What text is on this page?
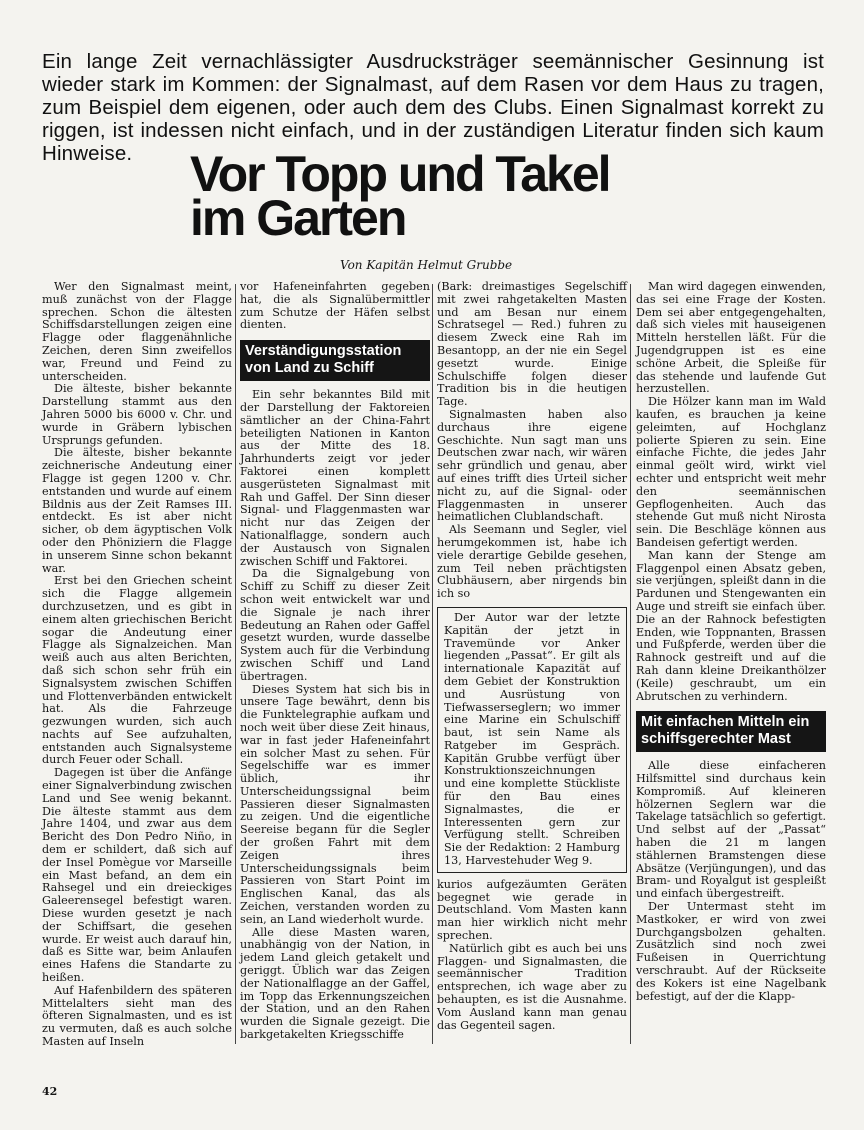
Ein lange Zeit vernachlässigter Ausdrucksträger seemännischer Gesinnung ist wieder stark im Kommen: der Signalmast, auf dem Rasen vor dem Haus zu tragen, zum Beispiel dem eigenen, oder auch dem des Clubs. Einen Signalmast korrekt zu riggen, ist indessen nicht einfach, und in der zuständigen Literatur finden sich kaum Hinweise.	Vor Topp und Takel
im Garten
Von Kapitän Helmut Grubbe

Wer den Signalmast meint, muß zunächst von der Flagge sprechen. Schon die ältesten Schiffsdarstellungen zeigen eine Flagge oder flaggenähnliche Zeichen, deren Sinn zweifellos war, Freund und Feind zu unterscheiden.

Die älteste, bisher bekannte Darstellung stammt aus den Jahren 5000 bis 6000 v. Chr. und wurde in Gräbern lybischen Ursprungs gefunden.

Die älteste, bisher bekannte zeichnerische Andeutung einer Flagge ist gegen 1200 v. Chr. entstanden und wurde auf einem Bildnis aus der Zeit Ramses III. entdeckt. Es ist aber nicht sicher, ob dem ägyptischen Volk oder den Phöniziern die Flagge in unserem Sinne schon bekannt war.

Erst bei den Griechen scheint sich die Flagge allgemein durchzusetzen, und es gibt in einem alten griechischen Bericht sogar die Andeutung einer Flagge als Signalzeichen. Man weiß auch aus alten Berichten, daß sich schon sehr früh ein Signalsystem zwischen Schiffen und Flottenverbänden entwickelt hat. Als die Fahrzeuge gezwungen wurden, sich auch nachts auf See aufzuhalten, entstanden auch Signalsysteme durch Feuer oder Schall.

Dagegen ist über die Anfänge einer Signalverbindung zwischen Land und See wenig bekannt. Die älteste stammt aus dem Jahre 1404, und zwar aus dem Bericht des Don Pedro Niño, in dem er schildert, daß sich auf der Insel Pomègue vor Marseille ein Mast befand, an dem ein Rahsegel und ein dreieckiges Galeerensegel befestigt waren. Diese wurden gesetzt je nach der Schiffsart, die gesehen wurde. Er weist auch darauf hin, daß es Sitte war, beim Anlaufen eines Hafens die Standarte zu heißen.

Auf Hafenbildern des späteren Mittelalters sieht man des öfteren Signalmasten, und es ist zu vermuten, daß es auch solche Masten auf Inseln

vor Hafeneinfahrten gegeben hat, die als Signalübermittler zum Schutze der Häfen selbst dienten.

Verständigungsstation von Land zu Schiff

Ein sehr bekanntes Bild mit der Darstellung der Faktoreien sämtlicher an der China-Fahrt beteiligten Nationen in Kanton aus der Mitte des 18. Jahrhunderts zeigt vor jeder Faktorei einen komplett ausgerüsteten Signalmast mit Rah und Gaffel. Der Sinn dieser Signal- und Flaggenmasten war nicht nur das Zeigen der Nationalflagge, sondern auch der Austausch von Signalen zwischen Schiff und Faktorei.

Da die Signalgebung von Schiff zu Schiff zu dieser Zeit schon weit entwickelt war und die Signale je nach ihrer Bedeutung an Rahen oder Gaffel gesetzt wurden, wurde dasselbe System auch für die Verbindung zwischen Schiff und Land übertragen.

Dieses System hat sich bis in unsere Tage bewährt, denn bis die Funktelegraphie aufkam und noch weit über diese Zeit hinaus, war in fast jeder Hafeneinfahrt ein solcher Mast zu sehen. Für Segelschiffe war es immer üblich, ihr Unterscheidungssignal beim Passieren dieser Signalmasten zu zeigen. Und die eigentliche Seereise begann für die Segler der großen Fahrt mit dem Zeigen ihres Unterscheidungssignals beim Passieren von Start Point im Englischen Kanal, das als Zeichen, verstanden worden zu sein, an Land wiederholt wurde.

Alle diese Masten waren, unabhängig von der Nation, in jedem Land gleich getakelt und geriggt. Üblich war das Zeigen der Nationalflagge an der Gaffel, im Topp das Erkennungszeichen der Station, und an den Rahen wurden die Signale gezeigt. Die barkgetakelten Kriegsschiffe

(Bark: dreimastiges Segelschiff mit zwei rahgetakelten Masten und am Besan nur einem Schratsegel — Red.) fuhren zu diesem Zweck eine Rah im Besantopp, an der nie ein Segel gesetzt wurde. Einige Schulschiffe folgen dieser Tradition bis in die heutigen Tage.

Signalmasten haben also durchaus ihre eigene Geschichte. Nun sagt man uns Deutschen zwar nach, wir wären sehr gründlich und genau, aber auf eines trifft dies Urteil sicher nicht zu, auf die Signal- oder Flaggenmasten in unserer heimatlichen Clublandschaft.

Als Seemann und Segler, viel herumgekommen ist, habe ich viele derartige Gebilde gesehen, zum Teil neben prächtigsten Clubhäusern, aber nirgends bin ich so

Der Autor war der letzte Kapitän der jetzt in Travemünde vor Anker liegenden „Passat“. Er gilt als internationale Kapazität auf dem Gebiet der Konstruktion und Ausrüstung von Tiefwasserseglern; wo immer eine Marine ein Schulschiff baut, ist sein Name als Ratgeber im Gespräch. Kapitän Grubbe verfügt über Konstruktionszeichnungen und eine komplette Stückliste für den Bau eines Signalmastes, die er Interessenten gern zur Verfügung stellt. Schreiben Sie der Redaktion: 2 Hamburg 13, Harvestehuder Weg 9.

kurios aufgezäumten Geräten begegnet wie gerade in Deutschland. Vom Masten kann man hier wirklich nicht mehr sprechen.

Natürlich gibt es auch bei uns Flaggen- und Signalmasten, die seemännischer Tradition entsprechen, ich wage aber zu behaupten, es ist die Ausnahme. Vom Ausland kann man genau das Gegenteil sagen.

Man wird dagegen einwenden, das sei eine Frage der Kosten. Dem sei aber entgegengehalten, daß sich vieles mit hauseigenen Mitteln herstellen läßt. Für die Jugendgruppen ist es eine schöne Arbeit, die Spleiße für das stehende und laufende Gut herzustellen.

Die Hölzer kann man im Wald kaufen, es brauchen ja keine geleimten, auf Hochglanz polierte Spieren zu sein. Eine einfache Fichte, die jedes Jahr einmal geölt wird, wirkt viel echter und entspricht weit mehr den seemännischen Gepflogenheiten. Auch das stehende Gut muß nicht Nirosta sein. Die Beschläge können aus Bandeisen gefertigt werden.

Man kann der Stenge am Flaggenpol einen Absatz geben, sie verjüngen, spleißt dann in die Pardunen und Stengewanten ein Auge und streift sie einfach über. Die an der Rahnock befestigten Enden, wie Toppnanten, Brassen und Fußpferde, werden über die Rahnock gestreift und auf die Rah dann kleine Dreikanthölzer (Keile) geschraubt, um ein Abrutschen zu verhindern.

Mit einfachen Mitteln ein schiffsgerechter Mast

Alle diese einfacheren Hilfsmittel sind durchaus kein Kompromiß. Auf kleineren hölzernen Seglern war die Takelage tatsächlich so gefertigt. Und selbst auf der „Passat“ haben die 21 m langen stählernen Bramstengen diese Absätze (Verjüngungen), und das Bram- und Royalgut ist gespleißt und einfach übergestreift.

Der Untermast steht im Mastkoker, er wird von zwei Durchgangsbolzen gehalten. Zusätzlich sind noch zwei Fußeisen in Querrichtung verschraubt. Auf der Rückseite des Kokers ist eine Nagelbank befestigt, auf der die Klapp-

42
